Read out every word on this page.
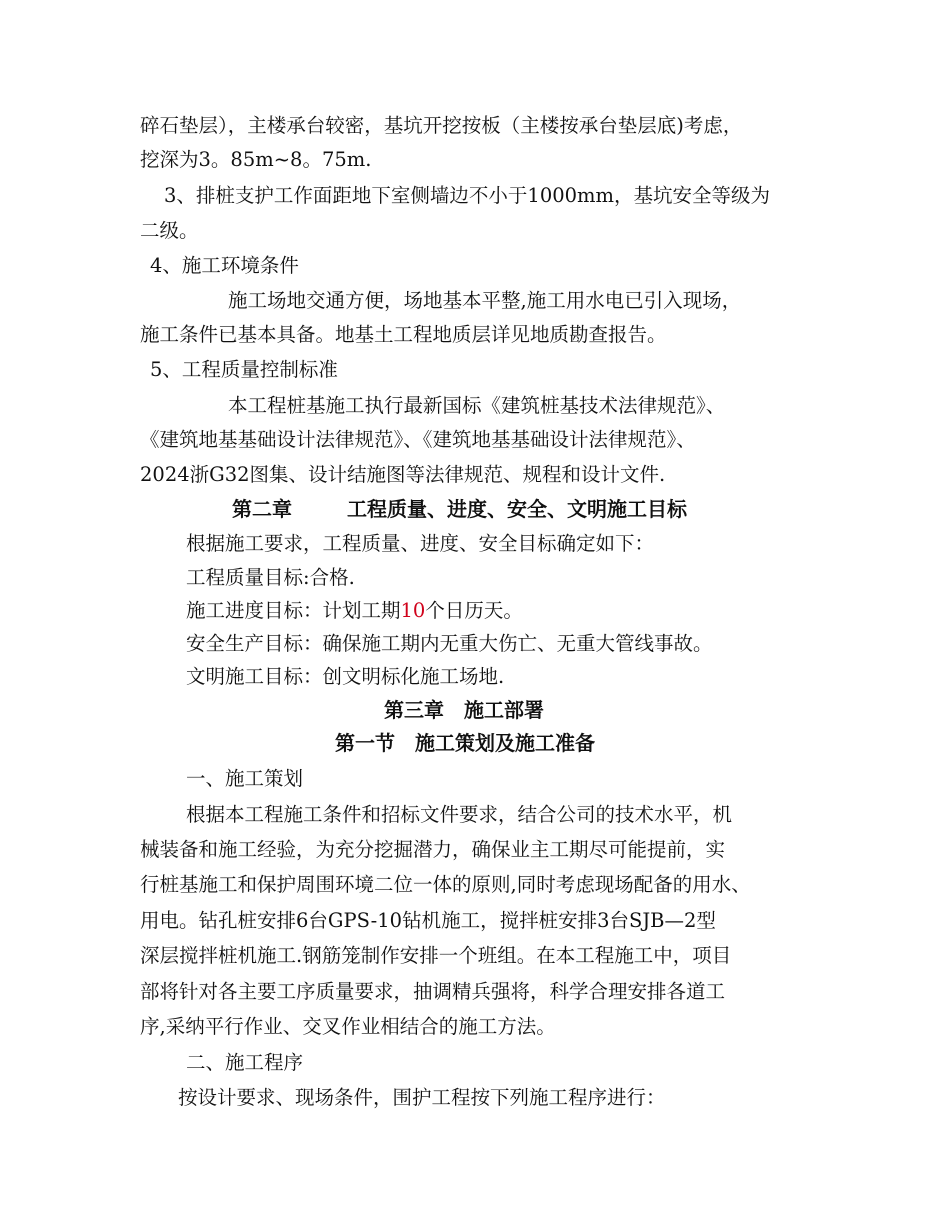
碎石垫层），主楼承台较密，基坑开挖按板（主楼按承台垫层底)考虑，

挖深为3。85m~8。75m.

3、排桩支护工作面距地下室侧墙边不小于1000mm，基坑安全等级为

二级。

4、施工环境条件

施工场地交通方便，场地基本平整,施工用水电已引入现场，

施工条件已基本具备。地基土工程地质层详见地质勘查报告。

5、工程质量控制标准

本工程桩基施工执行最新国标《建筑桩基技术法律规范》、

《建筑地基基础设计法律规范》、《建筑地基基础设计法律规范》、

2024浙G32图集、设计结施图等法律规范、规程和设计文件.

第二章	工程质量、进度、安全、文明施工目标

根据施工要求，工程质量、进度、安全目标确定如下：

工程质量目标:合格.

施工进度目标：计划工期10个日历天。

安全生产目标：确保施工期内无重大伤亡、无重大管线事故。

文明施工目标：创文明标化施工场地.

第三章　施工部署

第一节　施工策划及施工准备

一、施工策划

根据本工程施工条件和招标文件要求，结合公司的技术水平，机

械装备和施工经验，为充分挖掘潜力，确保业主工期尽可能提前，实

行桩基施工和保护周围环境二位一体的原则,同时考虑现场配备的用水、

用电。钻孔桩安排6台GPS-10钻机施工，搅拌桩安排3台SJB—2型

深层搅拌桩机施工.钢筋笼制作安排一个班组。在本工程施工中，项目

部将针对各主要工序质量要求，抽调精兵强将，科学合理安排各道工

序,采纳平行作业、交叉作业相结合的施工方法。

二、施工程序

按设计要求、现场条件，围护工程按下列施工程序进行：
